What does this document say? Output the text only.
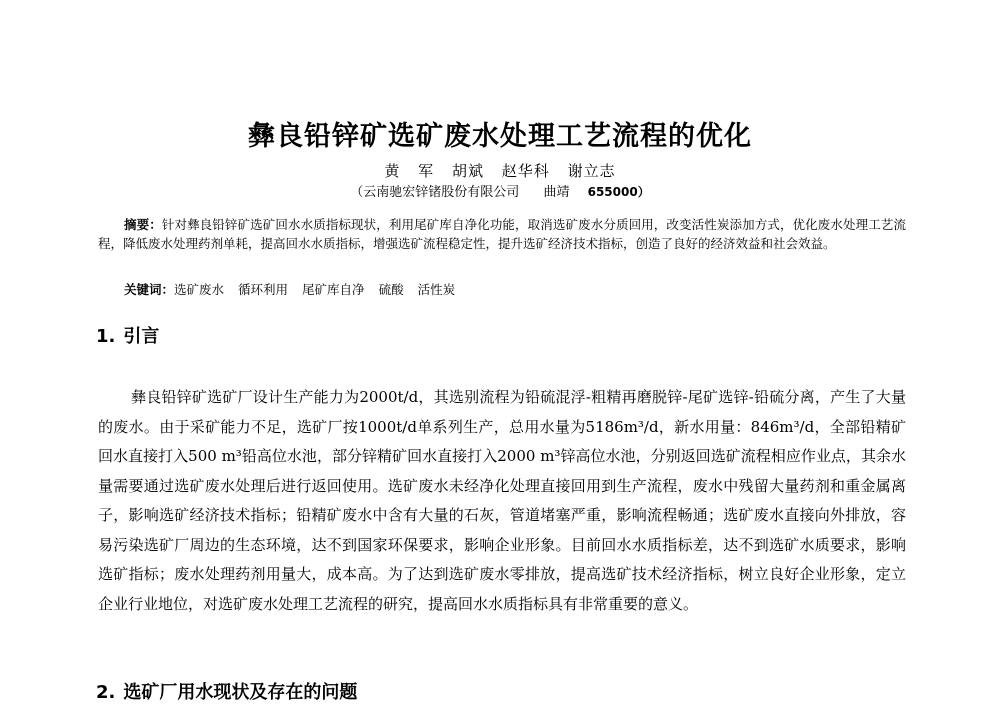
彝良铅锌矿选矿废水处理工艺流程的优化
黄 军 胡斌 赵华科 谢立志
（云南驰宏锌锗股份有限公司 曲靖 655000）
摘要：针对彝良铅锌矿选矿回水水质指标现状，利用尾矿库自净化功能，取消选矿废水分质回用，改变活性炭添加方式，优化废水处理工艺流程，降低废水处理药剂单耗，提高回水水质指标，增强选矿流程稳定性，提升选矿经济技术指标，创造了良好的经济效益和社会效益。
关键词：选矿废水 循环利用 尾矿库自净 硫酸 活性炭
1. 引言
彝良铅锌矿选矿厂设计生产能力为2000t/d，其选别流程为铅硫混浮-粗精再磨脱锌-尾矿选锌-铅硫分离，产生了大量的废水。由于采矿能力不足，选矿厂按1000t/d单系列生产，总用水量为5186m³/d，新水用量：846m³/d，全部铅精矿回水直接打入500 m³铅高位水池，部分锌精矿回水直接打入2000 m³锌高位水池，分别返回选矿流程相应作业点，其余水量需要通过选矿废水处理后进行返回使用。选矿废水未经净化处理直接回用到生产流程，废水中残留大量药剂和重金属离子，影响选矿经济技术指标；铅精矿废水中含有大量的石灰，管道堵塞严重，影响流程畅通；选矿废水直接向外排放，容易污染选矿厂周边的生态环境，达不到国家环保要求，影响企业形象。目前回水水质指标差，达不到选矿水质要求，影响选矿指标；废水处理药剂用量大，成本高。为了达到选矿废水零排放，提高选矿技术经济指标，树立良好企业形象，定立企业行业地位，对选矿废水处理工艺流程的研究，提高回水水质指标具有非常重要的意义。
2. 选矿厂用水现状及存在的问题
